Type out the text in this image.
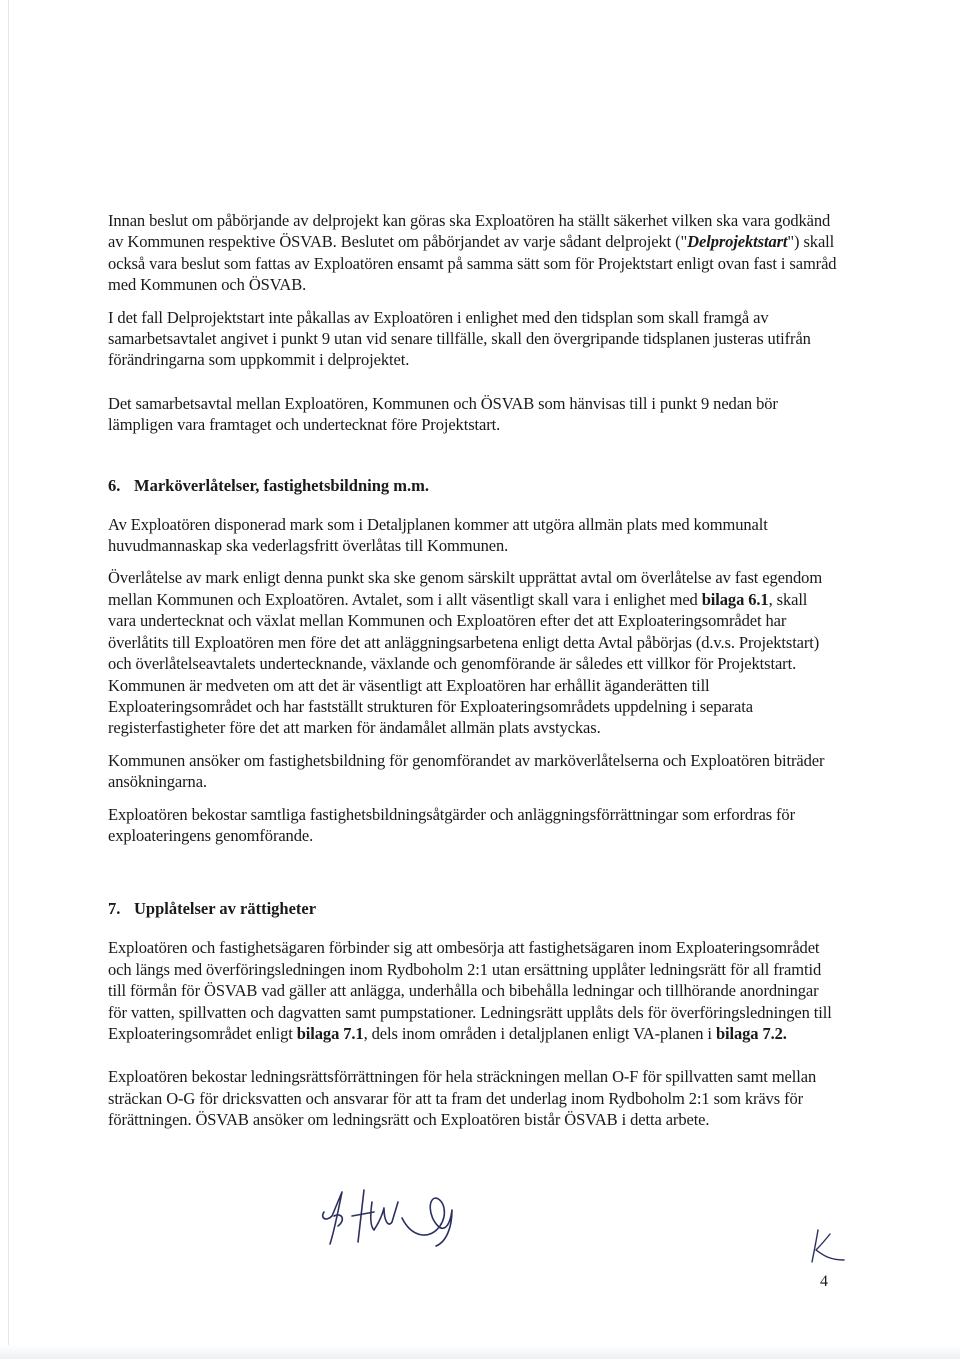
Innan beslut om påbörjande av delprojekt kan göras ska Exploatören ha ställt säkerhet vilken ska vara godkänd av Kommunen respektive ÖSVAB. Beslutet om påbörjandet av varje sådant delprojekt ("Delprojektstart") skall också vara beslut som fattas av Exploatören ensamt på samma sätt som för Projektstart enligt ovan fast i samråd med Kommunen och ÖSVAB.

I det fall Delprojektstart inte påkallas av Exploatören i enlighet med den tidsplan som skall framgå av samarbetsavtalet angivet i punkt 9 utan vid senare tillfälle, skall den övergripande tidsplanen justeras utifrån förändringarna som uppkommit i delprojektet.

Det samarbetsavtal mellan Exploatören, Kommunen och ÖSVAB som hänvisas till i punkt 9 nedan bör lämpligen vara framtaget och undertecknat före Projektstart.

6. Marköverlåtelser, fastighetsbildning m.m.

Av Exploatören disponerad mark som i Detaljplanen kommer att utgöra allmän plats med kommunalt huvudmannaskap ska vederlagsfritt överlåtas till Kommunen.

Överlåtelse av mark enligt denna punkt ska ske genom särskilt upprättat avtal om överlåtelse av fast egendom mellan Kommunen och Exploatören. Avtalet, som i allt väsentligt skall vara i enlighet med bilaga 6.1, skall vara undertecknat och växlat mellan Kommunen och Exploatören efter det att Exploateringsområdet har överlåtits till Exploatören men före det att anläggningsarbetena enligt detta Avtal påbörjas (d.v.s. Projektstart) och överlåtelseavtalets undertecknande, växlande och genomförande är således ett villkor för Projektstart. Kommunen är medveten om att det är väsentligt att Exploatören har erhållit äganderätten till Exploateringsområdet och har fastställt strukturen för Exploateringsområdets uppdelning i separata registerfastigheter före det att marken för ändamålet allmän plats avstyckas.

Kommunen ansöker om fastighetsbildning för genomförandet av marköverlåtelserna och Exploatören biträder ansökningarna.

Exploatören bekostar samtliga fastighetsbildningsåtgärder och anläggningsförrättningar som erfordras för exploateringens genomförande.

7. Upplåtelser av rättigheter

Exploatören och fastighetsägaren förbinder sig att ombesörja att fastighetsägaren inom Exploateringsområdet och längs med överföringsledningen inom Rydboholm 2:1 utan ersättning upplåter ledningsrätt för all framtid till förmån för ÖSVAB vad gäller att anlägga, underhålla och bibehålla ledningar och tillhörande anordningar för vatten, spillvatten och dagvatten samt pumpstationer. Ledningsrätt upplåts dels för överföringsledningen till Exploateringsområdet enligt bilaga 7.1, dels inom områden i detaljplanen enligt VA-planen i bilaga 7.2.

Exploatören bekostar ledningsrättsförrättningen för hela sträckningen mellan O-F för spillvatten samt mellan sträckan O-G för dricksvatten och ansvarar för att ta fram det underlag inom Rydboholm 2:1 som krävs för förättningen. ÖSVAB ansöker om ledningsrätt och Exploatören bistår ÖSVAB i detta arbete.

4
